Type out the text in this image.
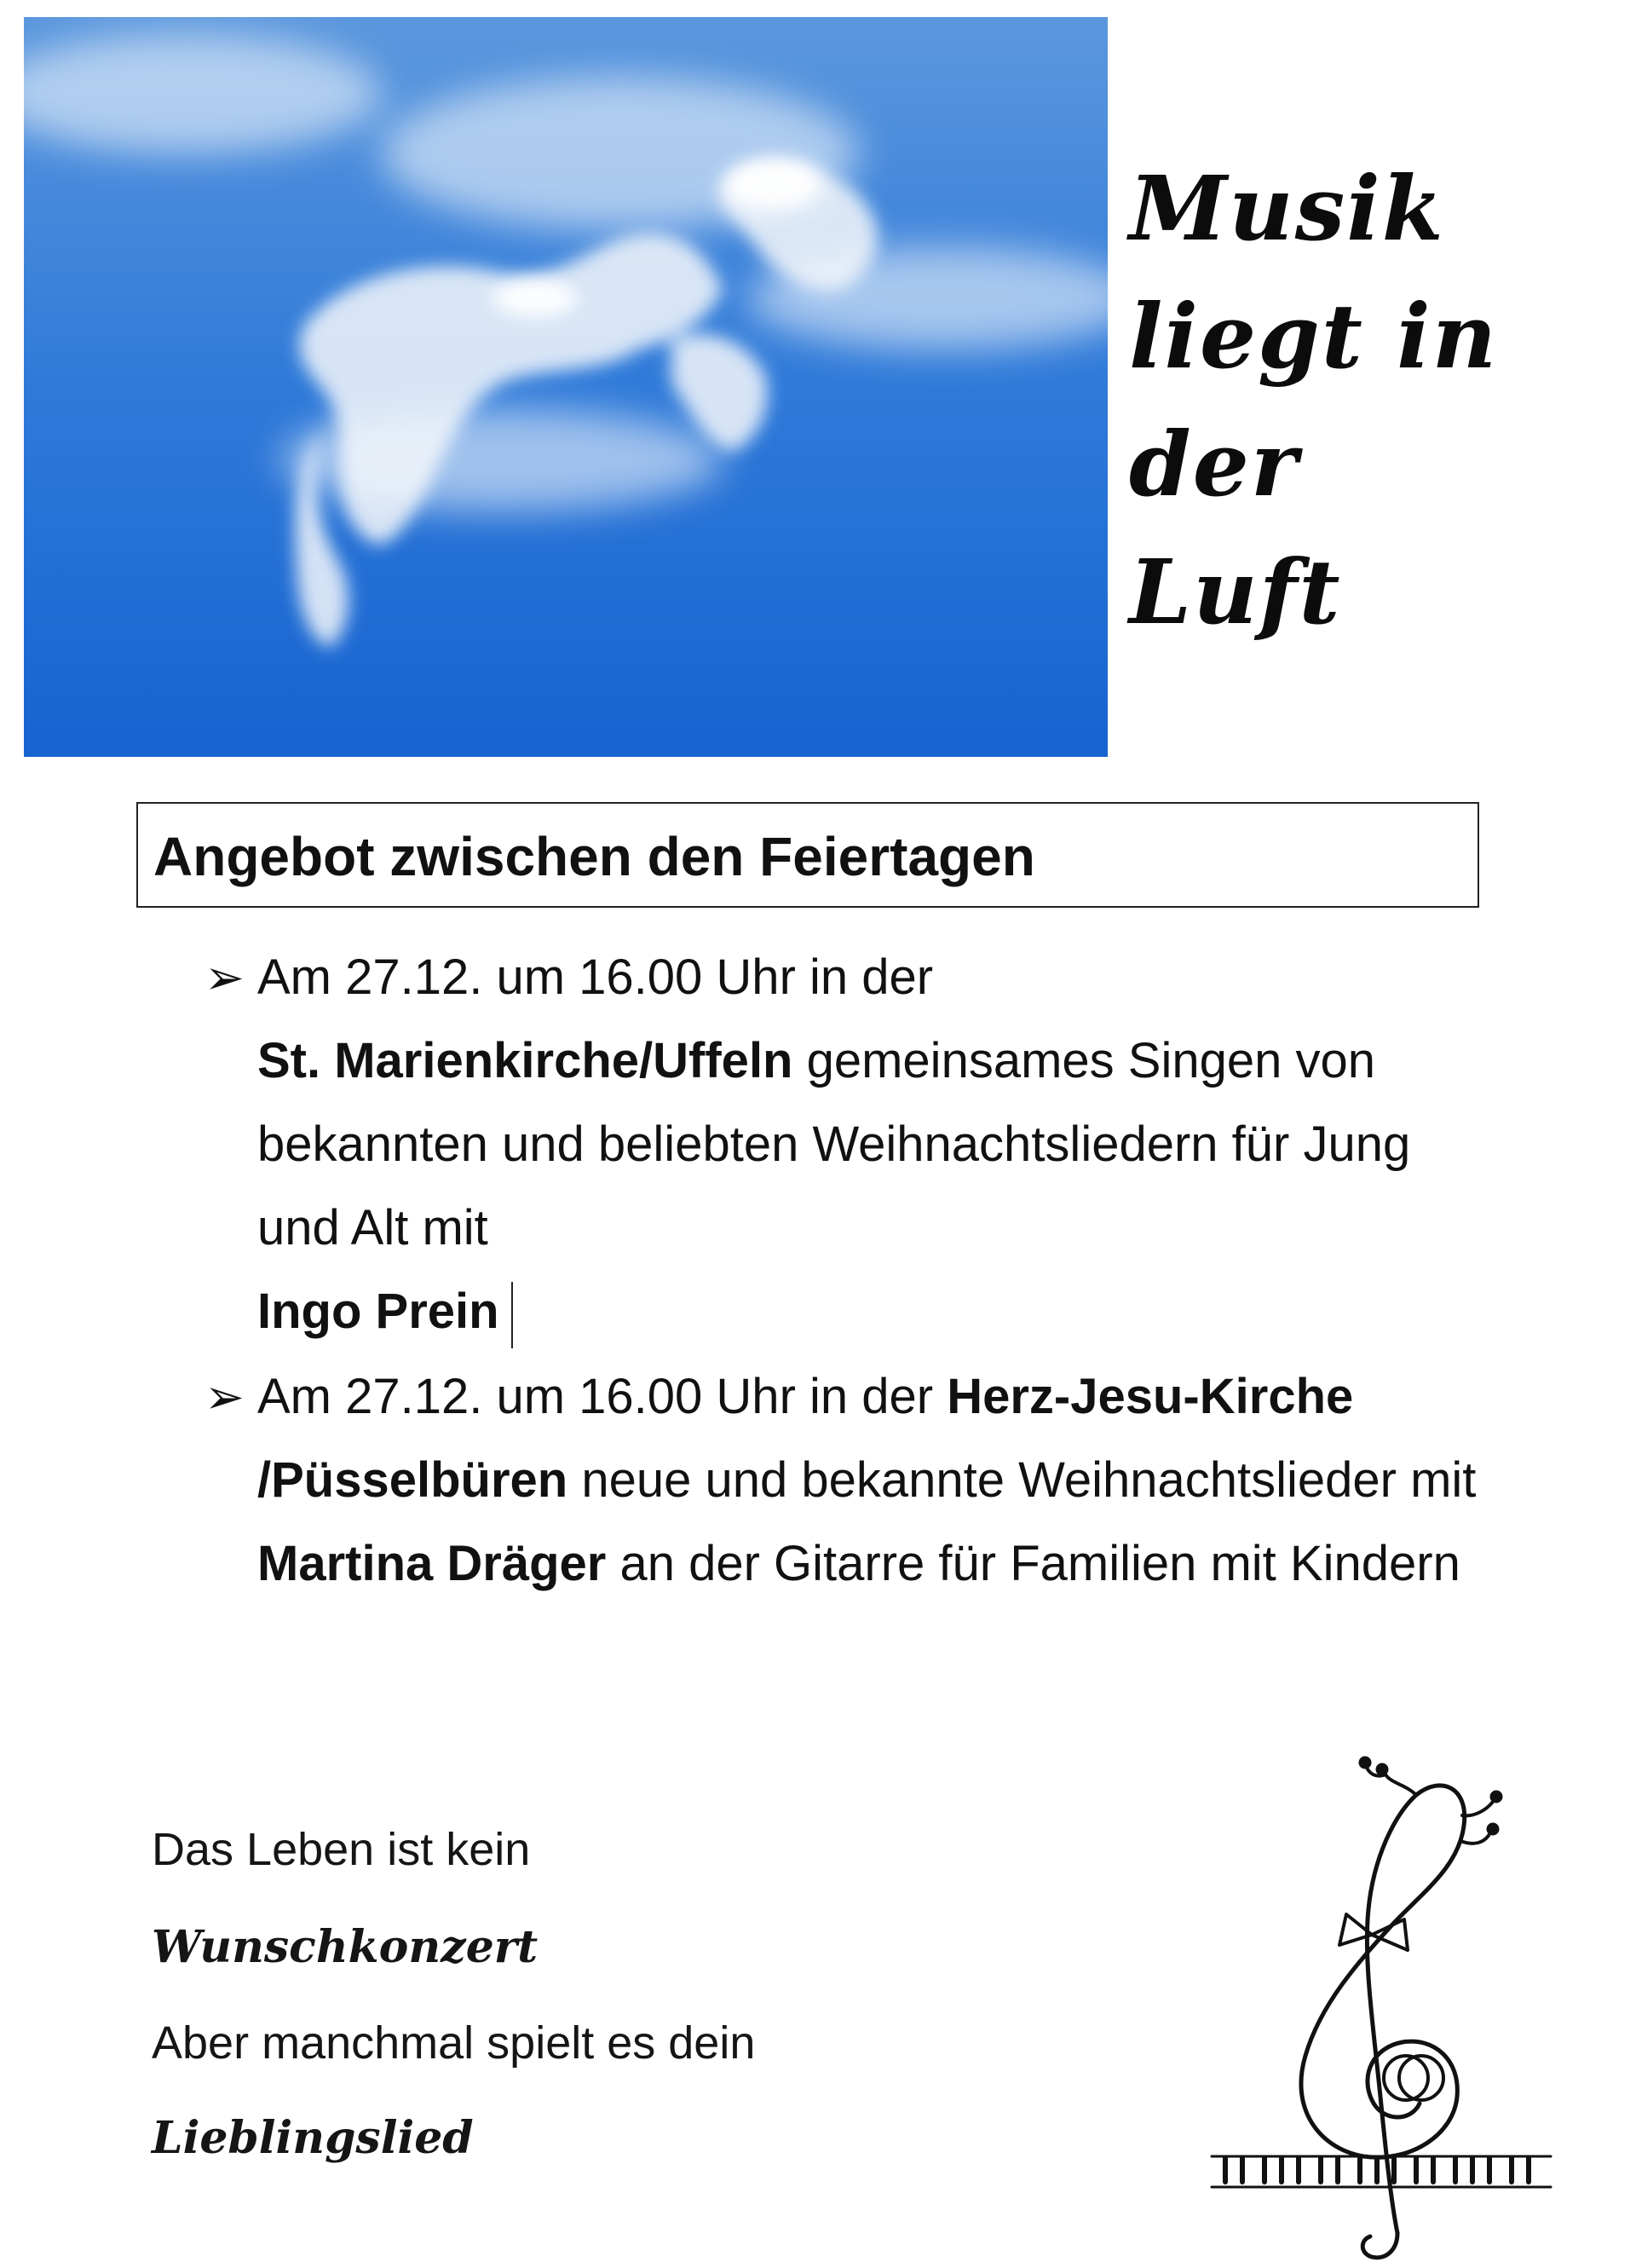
Musik
liegt in
der
Luft
Angebot zwischen den Feiertagen
➢ Am 27.12. um 16.00 Uhr in der
St. Marienkirche/Uffeln gemeinsames Singen von bekannten und beliebten Weihnachtsliedern für Jung und Alt mit
Ingo Prein
➢ Am 27.12. um 16.00 Uhr in der Herz-Jesu-Kirche /Püsselbüren neue und bekannte Weihnachtslieder mit Martina Dräger an der Gitarre für Familien mit Kindern
Das Leben ist kein
Wunschkonzert
Aber manchmal spielt es dein
Lieblingslied
